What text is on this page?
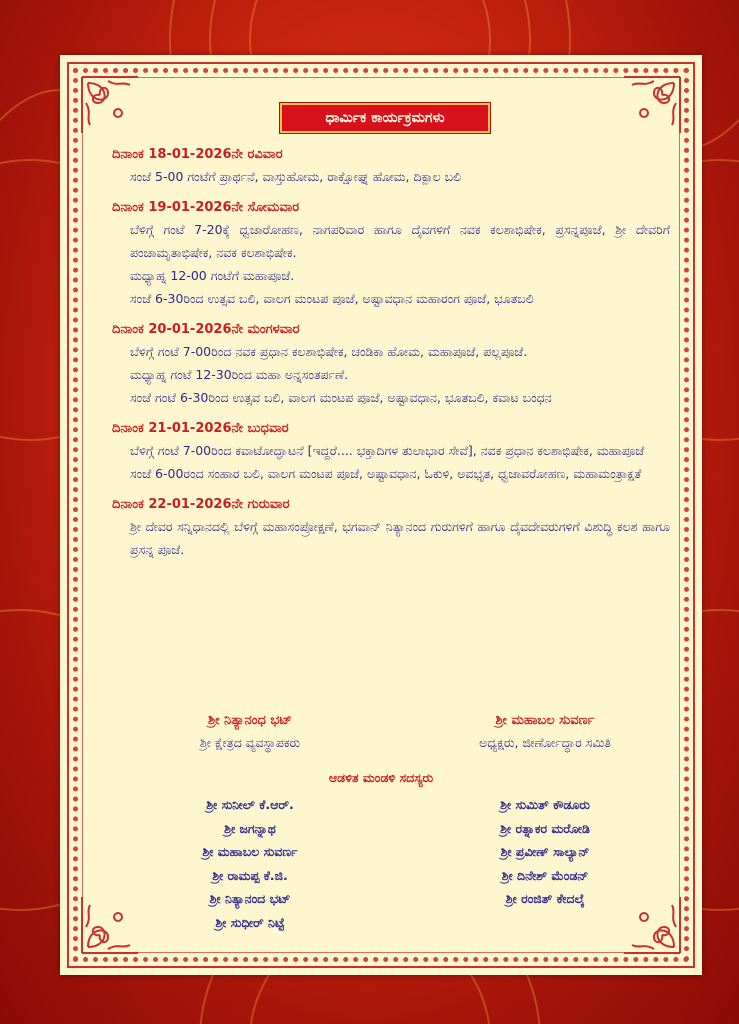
ಧಾರ್ಮಿಕ ಕಾರ್ಯಕ್ರಮಗಳು
ದಿನಾಂಕ 18-01-2026ನೇ ರವಿವಾರ
ಸಂಜೆ 5-00 ಗಂಟೆಗೆ ಪ್ರಾರ್ಥನೆ, ವಾಸ್ತುಹೋಮ, ರಾಕ್ಷೋಘ್ನ ಹೋಮ, ದಿಕ್ಪಾಲ ಬಲಿ
ದಿನಾಂಕ 19-01-2026ನೇ ಸೋಮವಾರ
ಬೆಳಿಗ್ಗೆ ಗಂಟೆ 7-20ಕ್ಕೆ ಧ್ವಜಾರೋಹಣ, ನಾಗಪರಿವಾರ ಹಾಗೂ ದೈವಗಳಿಗೆ ನವಕ ಕಲಶಾಭಿಷೇಕ, ಪ್ರಸನ್ನಪೂಜೆ, ಶ್ರೀ ದೇವರಿಗೆ ಪಂಚಾಮೃತಾಭಿಷೇಕ, ನವಕ ಕಲಶಾಭಿಷೇಕ.
ಮಧ್ಯಾಹ್ನ 12-00 ಗಂಟೆಗೆ ಮಹಾಪೂಜೆ.
ಸಂಜೆ 6-30ರಿಂದ ಉತ್ಸವ ಬಲಿ, ವಾಲಗ ಮಂಟಪ ಪೂಜೆ, ಅಷ್ಟಾವಧಾನ ಮಹಾರಂಗ ಪೂಜೆ, ಭೂತಬಲಿ
ದಿನಾಂಕ 20-01-2026ನೇ ಮಂಗಳವಾರ
ಬೆಳಿಗ್ಗೆ ಗಂಟೆ 7-00ರಿಂದ ನವಕ ಪ್ರಧಾನ ಕಲಶಾಭಿಷೇಕ, ಚಂಡಿಕಾ ಹೋಮ, ಮಹಾಪೂಜೆ, ಪಲ್ಲಪೂಜೆ.
ಮಧ್ಯಾಹ್ನ ಗಂಟೆ 12-30ರಿಂದ ಮಹಾ ಅನ್ನಸಂತರ್ಪಣೆ.
ಸಂಜೆ ಗಂಟೆ 6-30ರಿಂದ ಉತ್ಸವ ಬಲಿ, ವಾಲಗ ಮಂಟಪ ಪೂಜೆ, ಅಷ್ಟಾವಧಾನ, ಭೂತಬಲಿ, ಕವಾಟ ಬಂಧನ
ದಿನಾಂಕ 21-01-2026ನೇ ಬುಧವಾರ
ಬೆಳಿಗ್ಗೆ ಗಂಟೆ 7-00ರಿಂದ ಕವಾಟೋದ್ಘಾಟನೆ [ಇದ್ದರೆ.... ಭಕ್ತಾದಿಗಳ ತುಲಾಭಾರ ಸೇವೆ], ನವಕ ಪ್ರಧಾನ ಕಲಶಾಭಿಷೇಕ, ಮಹಾಪೂಜೆ
ಸಂಜೆ 6-00ರಂದ ಸಂಹಾರ ಬಲಿ, ವಾಲಗ ಮಂಟಪ ಪೂಜೆ, ಅಷ್ಟಾವಧಾನ, ಓಕುಳಿ, ಅವಭೃತ, ಧ್ವಜಾವರೋಹಣ, ಮಹಾಮಂತ್ರಾಕ್ಷತೆ
ದಿನಾಂಕ 22-01-2026ನೇ ಗುರುವಾರ
ಶ್ರೀ ದೇವರ ಸನ್ನಿಧಾನದಲ್ಲಿ ಬೆಳಿಗ್ಗೆ ಮಹಾಸಂಪ್ರೋಕ್ಷಣೆ, ಭಗವಾನ್ ನಿತ್ಯಾನಂದ ಗುರುಗಳಿಗೆ ಹಾಗೂ ದೈವದೇವರುಗಳಿಗೆ ವಿಶುದ್ಧಿ ಕಲಶ ಹಾಗೂ ಪ್ರಸನ್ನ ಪೂಜೆ.
ಶ್ರೀ ನಿತ್ಯಾನಂಧ ಭಟ್
ಶ್ರೀ ಕ್ಷೇತ್ರದ ವ್ಯವಸ್ಥಾಪಕರು
ಶ್ರೀ ಮಹಾಬಲ ಸುವರ್ಣ
ಅಧ್ಯಕ್ಷರು, ಜೀರ್ಣೋದ್ಧಾರ ಸಮಿತಿ
ಆಡಳಿತ ಮಂಡಳಿ ಸದಸ್ಯರು
ಶ್ರೀ ಸುನೀಲ್ ಕೆ.ಆರ್.
ಶ್ರೀ ಜಗನ್ನಾಥ
ಶ್ರೀ ಮಹಾಬಲ ಸುವರ್ಣ
ಶ್ರೀ ರಾಮಪ್ಪ ಕೆ.ಜಿ.
ಶ್ರೀ ನಿತ್ಯಾನಂದ ಭಟ್
ಶ್ರೀ ಸುಧೀರ್ ನಿಟ್ಟೆ
ಶ್ರೀ ಸುಮಿತ್ ಕೌಡೂರು
ಶ್ರೀ ರತ್ನಾಕರ ಮರೋಡಿ
ಶ್ರೀ ಪ್ರವೀಣ್ ಸಾಲ್ಯಾನ್
ಶ್ರೀ ದಿನೇಶ್ ಮೆಂಡನ್
ಶ್ರೀ ರಂಜಿತ್ ಕೇದಲ್ಕೆ
